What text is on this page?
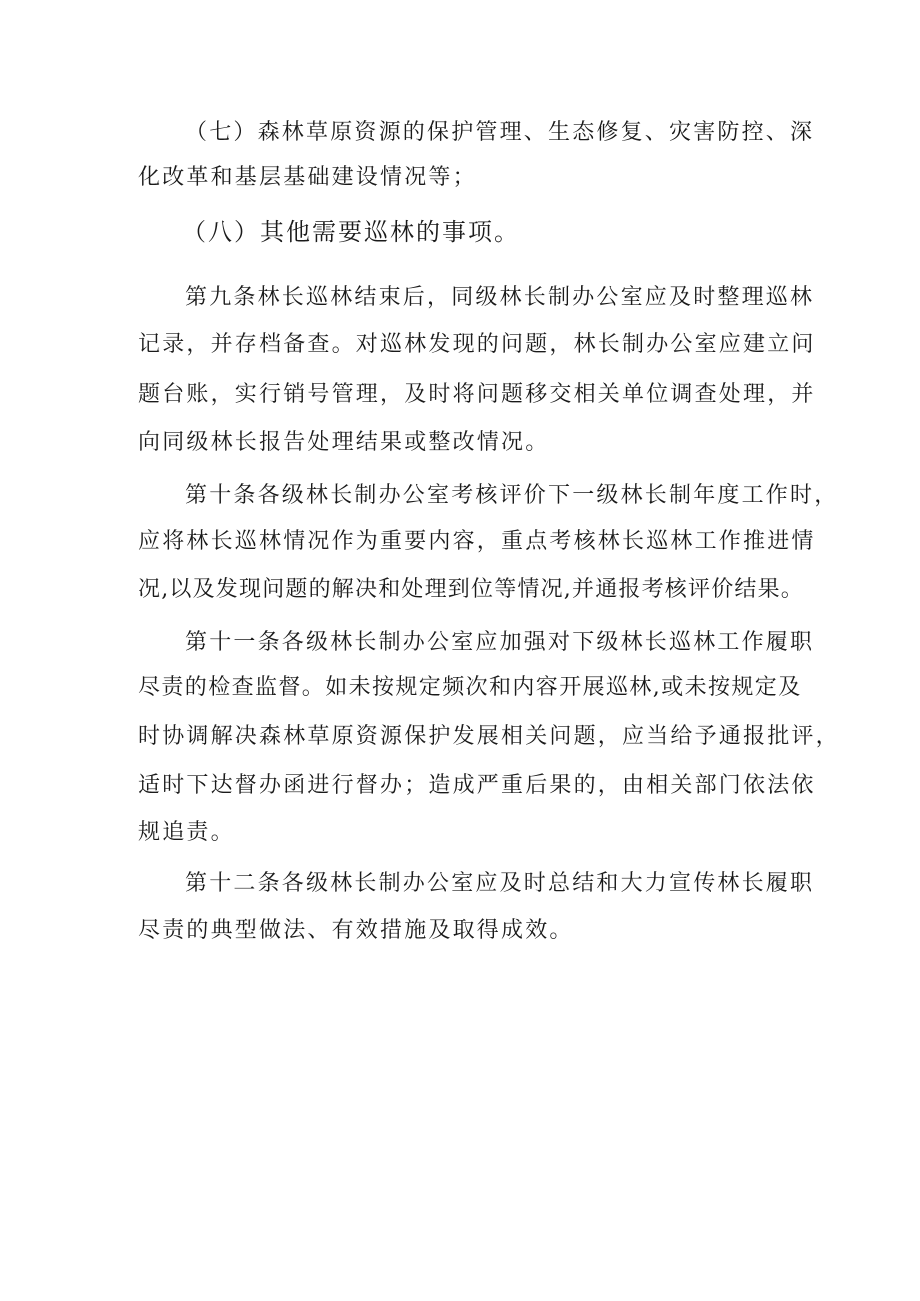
（七）森林草原资源的保护管理、生态修复、灾害防控、深
化改革和基层基础建设情况等；
（八）其他需要巡林的事项。
第九条林长巡林结束后，同级林长制办公室应及时整理巡林
记录，并存档备查。对巡林发现的问题，林长制办公室应建立问
题台账，实行销号管理，及时将问题移交相关单位调查处理，并
向同级林长报告处理结果或整改情况。
第十条各级林长制办公室考核评价下一级林长制年度工作时，
应将林长巡林情况作为重要内容，重点考核林长巡林工作推进情
况,以及发现问题的解决和处理到位等情况,并通报考核评价结果。
第十一条各级林长制办公室应加强对下级林长巡林工作履职
尽责的检查监督。如未按规定频次和内容开展巡林,或未按规定及
时协调解决森林草原资源保护发展相关问题，应当给予通报批评，
适时下达督办函进行督办；造成严重后果的，由相关部门依法依
规追责。
第十二条各级林长制办公室应及时总结和大力宣传林长履职
尽责的典型做法、有效措施及取得成效。
